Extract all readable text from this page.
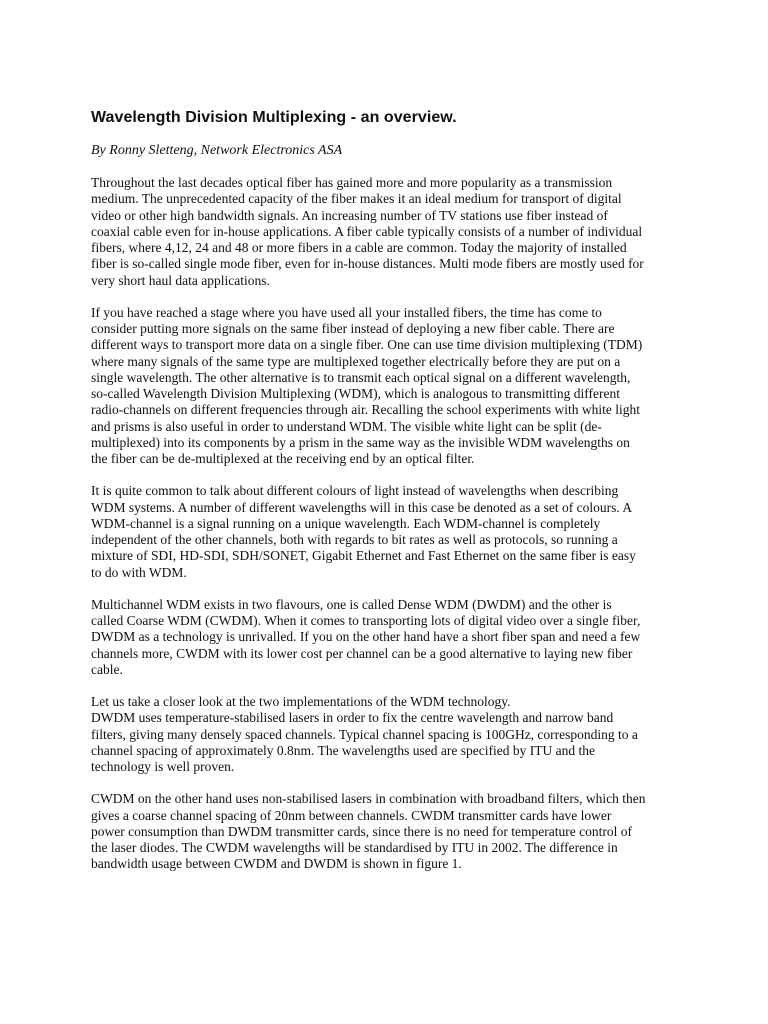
Wavelength Division Multiplexing - an overview.

By Ronny Sletteng, Network Electronics ASA

Throughout the last decades optical fiber has gained more and more popularity as a transmission
medium. The unprecedented capacity of the fiber makes it an ideal medium for transport of digital
video or other high bandwidth signals. An increasing number of TV stations use fiber instead of
coaxial cable even for in-house applications. A fiber cable typically consists of a number of individual
fibers, where 4,12, 24 and 48 or more fibers in a cable are common. Today the majority of installed
fiber is so-called single mode fiber, even for in-house distances. Multi mode fibers are mostly used for
very short haul data applications.

If you have reached a stage where you have used all your installed fibers, the time has come to
consider putting more signals on the same fiber instead of deploying a new fiber cable. There are
different ways to transport more data on a single fiber. One can use time division multiplexing (TDM)
where many signals of the same type are multiplexed together electrically before they are put on a
single wavelength. The other alternative is to transmit each optical signal on a different wavelength,
so-called Wavelength Division Multiplexing (WDM), which is analogous to transmitting different
radio-channels on different frequencies through air. Recalling the school experiments with white light
and prisms is also useful in order to understand WDM. The visible white light can be split (de-
multiplexed) into its components by a prism in the same way as the invisible WDM wavelengths on
the fiber can be de-multiplexed at the receiving end by an optical filter.

It is quite common to talk about different colours of light instead of wavelengths when describing
WDM systems. A number of different wavelengths will in this case be denoted as a set of colours. A
WDM-channel is a signal running on a unique wavelength. Each WDM-channel is completely
independent of the other channels, both with regards to bit rates as well as protocols, so running a
mixture of SDI, HD-SDI, SDH/SONET, Gigabit Ethernet and Fast Ethernet on the same fiber is easy
to do with WDM.

Multichannel WDM exists in two flavours, one is called Dense WDM (DWDM) and the other is
called Coarse WDM (CWDM). When it comes to transporting lots of digital video over a single fiber,
DWDM as a technology is unrivalled. If you on the other hand have a short fiber span and need a few
channels more, CWDM with its lower cost per channel can be a good alternative to laying new fiber
cable.

Let us take a closer look at the two implementations of the WDM technology.
DWDM uses temperature-stabilised lasers in order to fix the centre wavelength and narrow band
filters, giving many densely spaced channels. Typical channel spacing is 100GHz, corresponding to a
channel spacing of approximately 0.8nm. The wavelengths used are specified by ITU and the
technology is well proven.

CWDM on the other hand uses non-stabilised lasers in combination with broadband filters, which then
gives a coarse channel spacing of 20nm between channels. CWDM transmitter cards have lower
power consumption than DWDM transmitter cards, since there is no need for temperature control of
the laser diodes. The CWDM wavelengths will be standardised by ITU in 2002. The difference in
bandwidth usage between CWDM and DWDM is shown in figure 1.
